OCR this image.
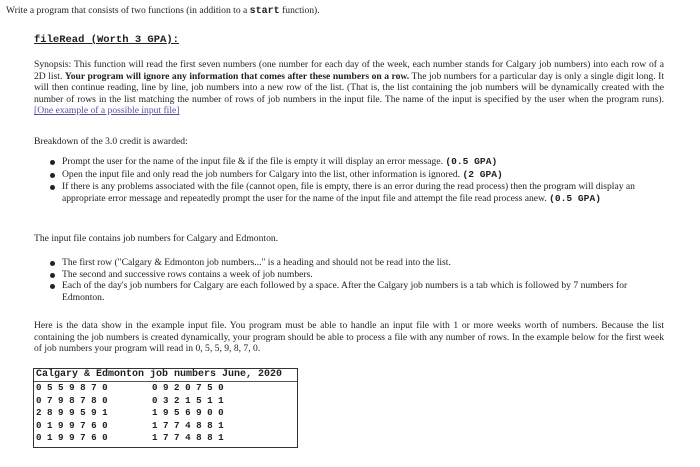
Write a program that consists of two functions (in addition to a start function).

fileRead (Worth 3 GPA):

Synopsis: This function will read the first seven numbers (one number for each day of the week, each number stands for Calgary job numbers) into each row of a 2D list. Your program will ignore any information that comes after these numbers on a row. The job numbers for a particular day is only a single digit long. It will then continue reading, line by line, job numbers into a new row of the list. (That is, the list containing the job numbers will be dynamically created with the number of rows in the list matching the number of rows of job numbers in the input file. The name of the input is specified by the user when the program runs). [One example of a possible input file]

Breakdown of the 3.0 credit is awarded:

Prompt the user for the name of the input file & if the file is empty it will display an error message. (0.5 GPA)
Open the input file and only read the job numbers for Calgary into the list, other information is ignored. (2 GPA)
If there is any problems associated with the file (cannot open, file is empty, there is an error during the read process) then the program will display an appropriate error message and repeatedly prompt the user for the name of the input file and attempt the file read process anew. (0.5 GPA)

The input file contains job numbers for Calgary and Edmonton.

The first row ("Calgary & Edmonton job numbers..." is a heading and should not be read into the list.
The second and successive rows contains a week of job numbers.
Each of the day's job numbers for Calgary are each followed by a space. After the Calgary job numbers is a tab which is followed by 7 numbers for Edmonton.

Here is the data show in the example input file. You program must be able to handle an input file with 1 or more weeks worth of numbers. Because the list containing the job numbers is created dynamically, your program should be able to process a file with any number of rows. In the example below for the first week of job numbers your program will read in 0, 5, 5, 9, 8, 7, 0.

Calgary & Edmonton job numbers June, 2020
0 5 5 9 8 7 0	0 9 2 0 7 5 0
0 7 9 8 7 8 0	0 3 2 1 5 1 1
2 8 9 9 5 9 1	1 9 5 6 9 0 0
0 1 9 9 7 6 0	1 7 7 4 8 8 1
0 1 9 9 7 6 0	1 7 7 4 8 8 1
